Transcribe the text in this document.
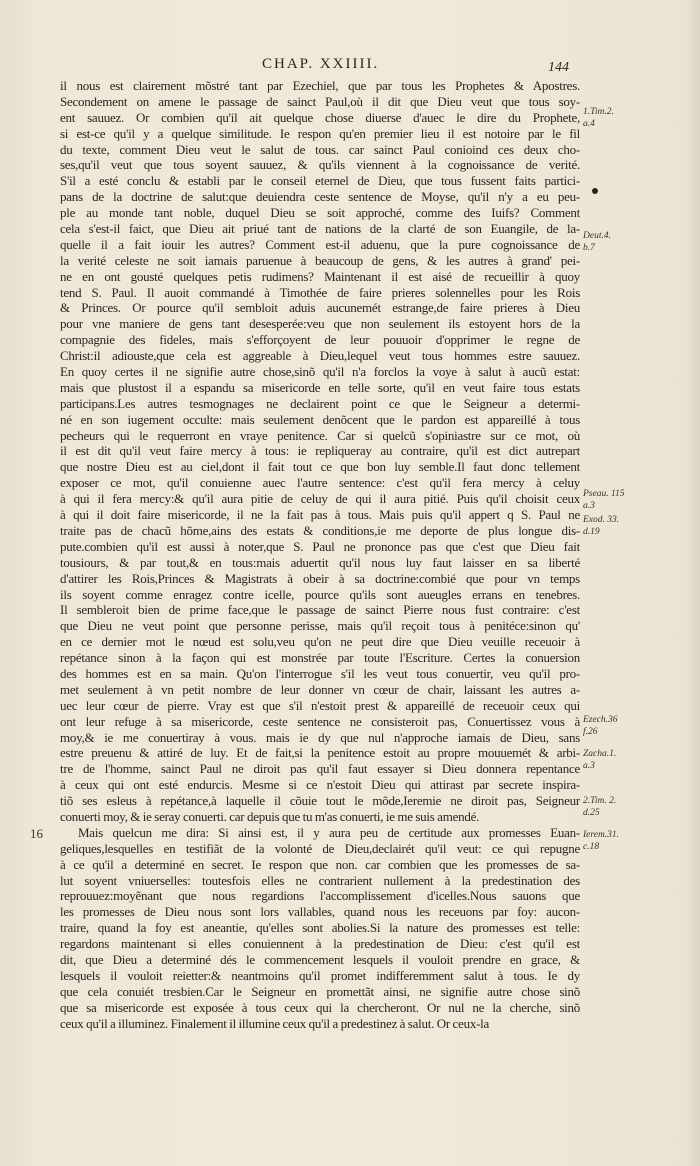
CHAP. XXIIII.	144
il nous est clairement mõstré tant par Ezechiel, que par tous les Prophetes & Apostres.
Secondement on amene le passage de sainct Paul,où il dit que Dieu veut que tous soy-
ent sauuez. Or combien qu'il ait quelque chose diuerse d'auec le dire du Prophete,
si est-ce qu'il y a quelque similitude. Ie respon qu'en premier lieu il est notoire par le fil
du texte, comment Dieu veut le salut de tous. car sainct Paul conioind ces deux cho-
ses,qu'il veut que tous soyent sauuez, & qu'ils viennent à la cognoissance de verité.
S'il a esté conclu & establi par le conseil eternel de Dieu, que tous fussent faits partici-
pans de la doctrine de salut:que deuiendra ceste sentence de Moyse, qu'il n'y a eu peu-
ple au monde tant noble, duquel Dieu se soit approché, comme des Iuifs? Comment
cela s'est-il faict, que Dieu ait priué tant de nations de la clarté de son Euangile, de la-
quelle il a fait iouir les autres? Comment est-il aduenu, que la pure cognoissance de
la verité celeste ne soit iamais paruenue à beaucoup de gens, & les autres à grand' pei-
ne en ont gousté quelques petis rudimens? Maintenant il est aisé de recueillir à quoy
tend S. Paul. Il auoit commandé à Timothée de faire prieres solennelles pour les Rois
& Princes. Or pource qu'il sembloit aduis aucunemét estrange,de faire prieres à Dieu
pour vne maniere de gens tant desesperée:veu que non seulement ils estoyent hors de la
compagnie des fideles, mais s'efforçoyent de leur pouuoir d'opprimer le regne de
Christ:il adiouste,que cela est aggreable à Dieu,lequel veut tous hommes estre sauuez.
En quoy certes il ne signifie autre chose,sinõ qu'il n'a forclos la voye à salut à aucũ estat:
mais que plustost il a espandu sa misericorde en telle sorte, qu'il en veut faire tous estats
participans.Les autres tesmognages ne declairent point ce que le Seigneur a determi-
né en son iugement occulte: mais seulement denõcent que le pardon est appareillé à tous
pecheurs qui le requerront en vraye penitence. Car si quelcũ s'opiniastre sur ce mot, où
il est dit qu'il veut faire mercy à tous: ie repliqueray au contraire, qu'il est dict autrepart
que nostre Dieu est au ciel,dont il fait tout ce que bon luy semble.Il faut donc tellement
exposer ce mot, qu'il conuienne auec l'autre sentence: c'est qu'il fera mercy à celuy
à qui il fera mercy:& qu'il aura pitie de celuy de qui il aura pitié. Puis qu'il choisit ceux
à qui il doit faire misericorde, il ne la fait pas à tous. Mais puis qu'il appert q S. Paul ne
traite pas de chacũ hõme,ains des estats & conditions,ie me deporte de plus longue dis-
pute.combien qu'il est aussi à noter,que S. Paul ne prononce pas que c'est que Dieu fait
tousiours, & par tout,& en tous:mais aduertit qu'il nous luy faut laisser en sa liberté
d'attirer les Rois,Princes & Magistrats à obeir à sa doctrine:combié que pour vn temps
ils soyent comme enragez contre icelle, pource qu'ils sont aueugles errans en tenebres.
Il sembleroit bien de prime face,que le passage de sainct Pierre nous fust contraire: c'est
que Dieu ne veut point que personne perisse, mais qu'il reçoit tous à penitéce:sinon qu'
en ce dernier mot le nœud est solu,veu qu'on ne peut dire que Dieu veuille receuoir à
repétance sinon à la façon qui est monstrée par toute l'Escriture. Certes la conuersion
des hommes est en sa main. Qu'on l'interrogue s'il les veut tous conuertir, veu qu'il pro-
met seulement à vn petit nombre de leur donner vn cœur de chair, laissant les autres a-
uec leur cœur de pierre. Vray est que s'il n'estoit prest & appareillé de receuoir ceux qui
ont leur refuge à sa misericorde, ceste sentence ne consisteroit pas, Conuertissez vous à
moy,& ie me conuertiray à vous. mais ie dy que nul n'approche iamais de Dieu, sans
estre preuenu & attiré de luy. Et de fait,si la penitence estoit au propre mouuemét & arbi-
tre de l'homme, sainct Paul ne diroit pas qu'il faut essayer si Dieu donnera repentance
à ceux qui ont esté endurcis. Mesme si ce n'estoit Dieu qui attirast par secrete inspira-
tiõ ses esleus à repétance,à laquelle il cõuie tout le mõde,Ieremie ne diroit pas, Seigneur
conuerti moy, & ie seray conuerti. car depuis que tu m'as conuerti, ie me suis amendé.
Mais quelcun me dira: Si ainsi est, il y aura peu de certitude aux promesses Euan-
geliques,lesquelles en testifiãt de la volonté de Dieu,declairét qu'il veut: ce qui repugne
à ce qu'il a determiné en secret. Ie respon que non. car combien que les promesses de sa-
lut soyent vniuerselles: toutesfois elles ne contrarient nullement à la predestination des
reprouuez:moyẽnant que nous regardions l'accomplissement d'icelles.Nous sauons que
les promesses de Dieu nous sont lors vallables, quand nous les receuons par foy: aucon-
traire, quand la foy est aneantie, qu'elles sont abolies.Si la nature des promesses est telle:
regardons maintenant si elles conuiennent à la predestination de Dieu: c'est qu'il est
dit, que Dieu a determiné dés le commencement lesquels il vouloit prendre en grace, &
lesquels il vouloit reietter:& neantmoins qu'il promet indifferemment salut à tous. Ie dy
que cela conuiét tresbien.Car le Seigneur en promettãt ainsi, ne signifie autre chose sinõ
que sa misericorde est exposée à tous ceux qui la chercheront. Or nul ne la cherche, sinõ
ceux qu'il a illuminez. Finalement il illumine ceux qu'il a predestinez à salut. Or ceux-la
16
1.Tim.2.
a.4
Deut.4.
b.7
Pseau. 115
a.3
Exod. 33.
d.19
Ezech.36
f.26
Zacha.1.
a.3
2.Tim. 2.
d.25
Ierem.31.
c.18
